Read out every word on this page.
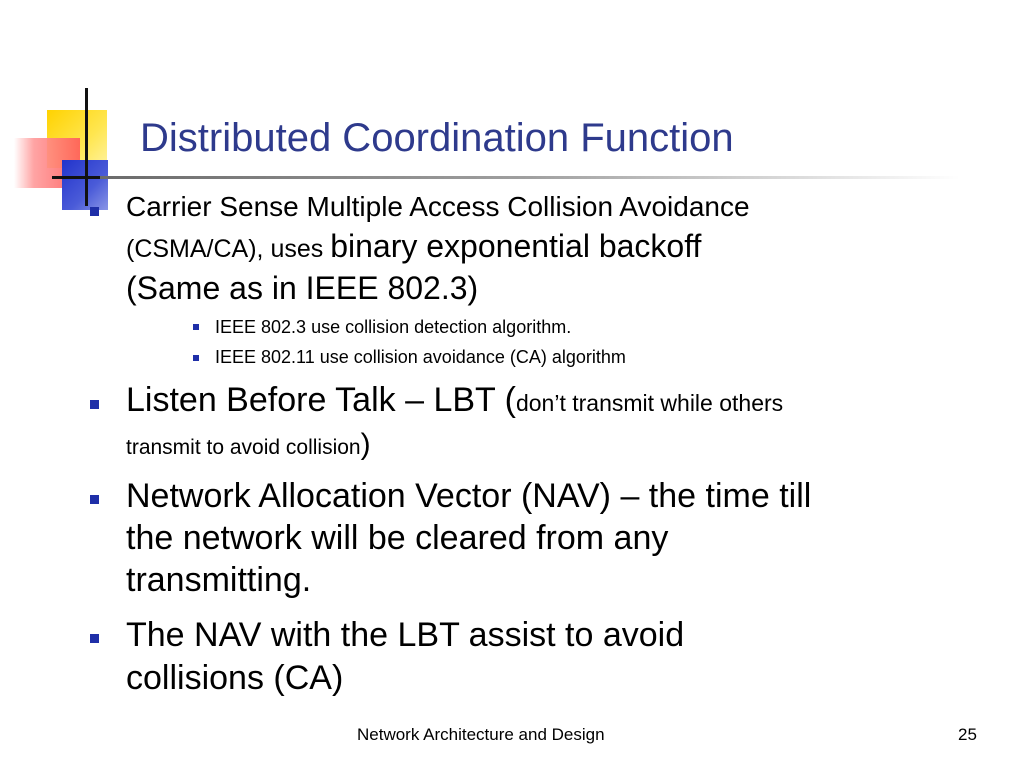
Distributed Coordination Function
Carrier Sense Multiple Access Collision Avoidance
(CSMA/CA), uses binary exponential backoff
(Same as in IEEE 802.3)
IEEE 802.3 use collision detection algorithm.
IEEE 802.11 use collision avoidance (CA) algorithm
Listen Before Talk – LBT (don’t transmit while others
transmit to avoid collision)
Network Allocation Vector (NAV) – the time till
the network will be cleared from any
transmitting.
The NAV with the LBT assist to avoid
collisions (CA)
Network Architecture and Design	25
